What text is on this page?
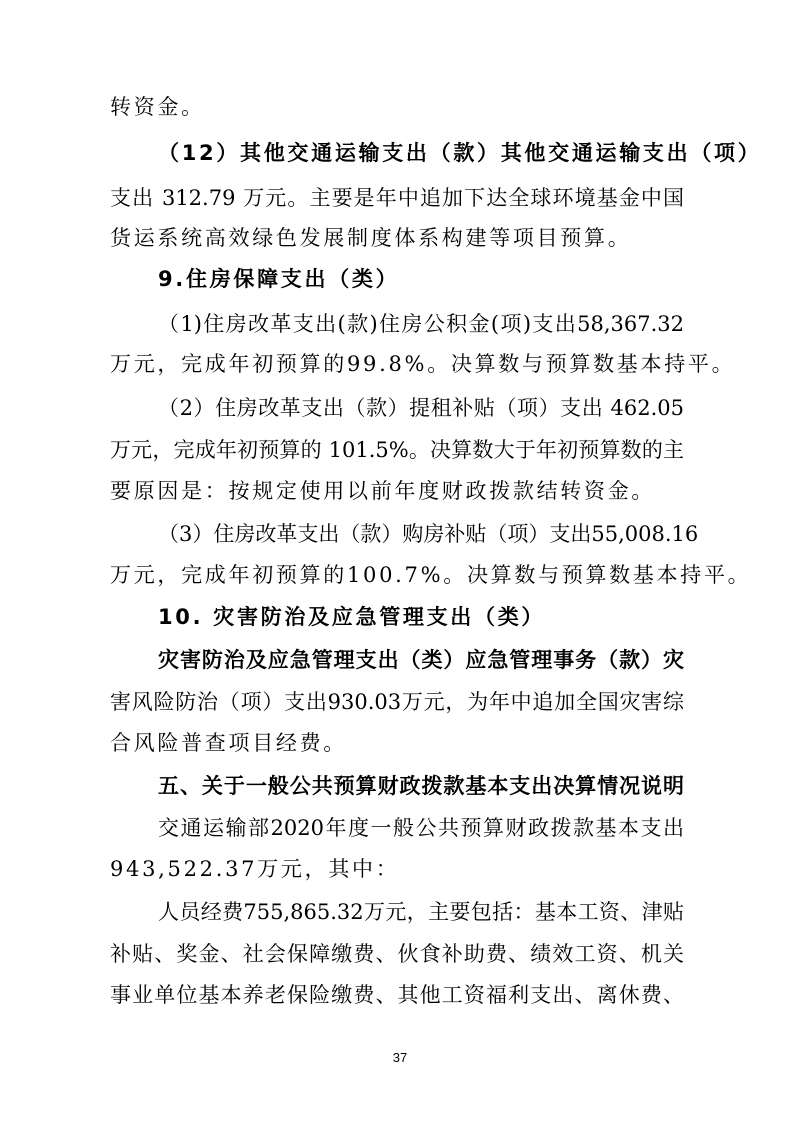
转资金。
（12）其他交通运输支出（款）其他交通运输支出（项）
支出 312.79 万元。主要是年中追加下达全球环境基金中国
货运系统高效绿色发展制度体系构建等项目预算。
9.住房保障支出（类）
（1)住房改革支出(款)住房公积金(项)支出58,367.32
万元，完成年初预算的99.8%。决算数与预算数基本持平。
（2）住房改革支出（款）提租补贴（项）支出 462.05
万元，完成年初预算的 101.5%。决算数大于年初预算数的主
要原因是：按规定使用以前年度财政拨款结转资金。
（3）住房改革支出（款）购房补贴（项）支出55,008.16
万元，完成年初预算的100.7%。决算数与预算数基本持平。
10. 灾害防治及应急管理支出（类）
灾害防治及应急管理支出（类）应急管理事务（款）灾
害风险防治（项）支出930.03万元，为年中追加全国灾害综
合风险普查项目经费。
五、关于一般公共预算财政拨款基本支出决算情况说明
交通运输部2020年度一般公共预算财政拨款基本支出
943,522.37万元，其中：
人员经费755,865.32万元，主要包括：基本工资、津贴
补贴、奖金、社会保障缴费、伙食补助费、绩效工资、机关
事业单位基本养老保险缴费、其他工资福利支出、离休费、
37
